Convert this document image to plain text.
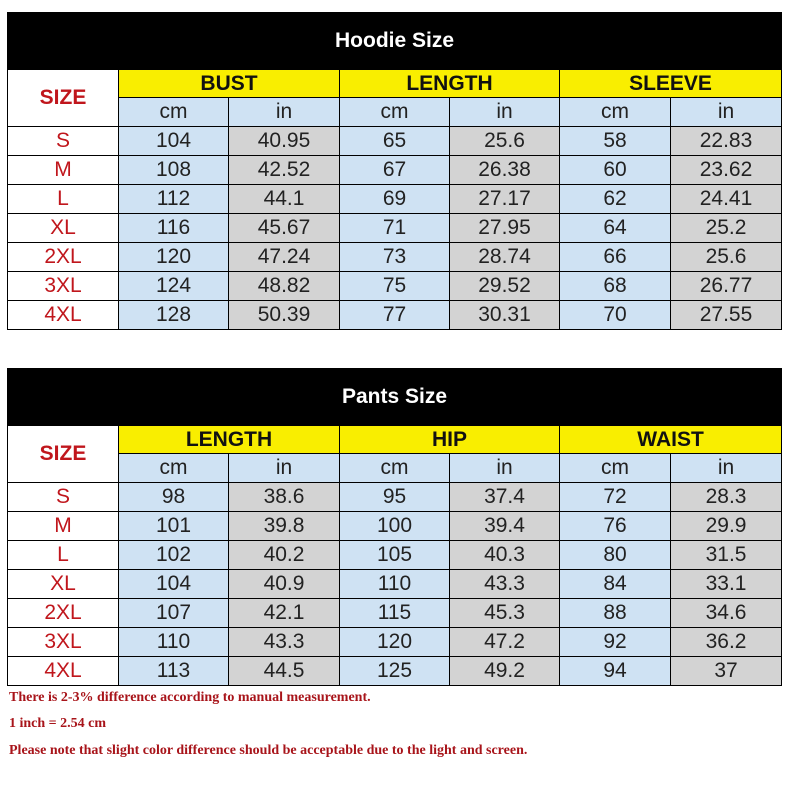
Hoodie Size						
SIZE	BUST		LENGTH		SLEEVE	
	cm	in	cm	in	cm	in
S	104	40.95	65	25.6	58	22.83
M	108	42.52	67	26.38	60	23.62
L	112	44.1	69	27.17	62	24.41
XL	116	45.67	71	27.95	64	25.2
2XL	120	47.24	73	28.74	66	25.6
3XL	124	48.82	75	29.52	68	26.77
4XL	128	50.39	77	30.31	70	27.55
Pants Size						
SIZE	LENGTH		HIP		WAIST	
	cm	in	cm	in	cm	in
S	98	38.6	95	37.4	72	28.3
M	101	39.8	100	39.4	76	29.9
L	102	40.2	105	40.3	80	31.5
XL	104	40.9	110	43.3	84	33.1
2XL	107	42.1	115	45.3	88	34.6
3XL	110	43.3	120	47.2	92	36.2
4XL	113	44.5	125	49.2	94	37

There is 2-3% difference according to manual measurement.

1 inch = 2.54 cm

Please note that slight color difference should be acceptable due to the light and screen.
